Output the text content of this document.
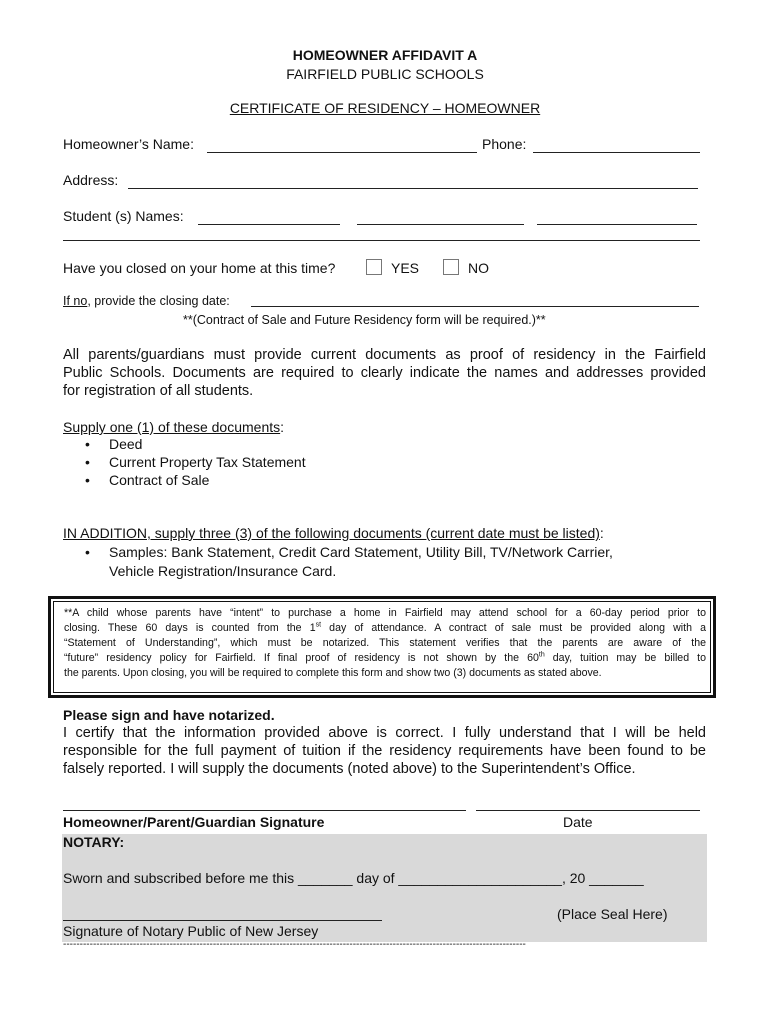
HOMEOWNER AFFIDAVIT A
FAIRFIELD PUBLIC SCHOOLS
CERTIFICATE OF RESIDENCY – HOMEOWNER
Homeowner’s Name:	Phone:
Address:
Student (s) Names:
Have you closed on your home at this time?	YES	NO
If no, provide the closing date:
**(Contract of Sale and Future Residency form will be required.)**
All parents/guardians must provide current documents as proof of residency in the Fairfield
Public Schools. Documents are required to clearly indicate the names and addresses provided
for registration of all students.
Supply one (1) of these documents:
• Deed
• Current Property Tax Statement
• Contract of Sale
IN ADDITION, supply three (3) of the following documents (current date must be listed):
• Samples: Bank Statement, Credit Card Statement, Utility Bill, TV/Network Carrier,
Vehicle Registration/Insurance Card.
**A child whose parents have “intent” to purchase a home in Fairfield may attend school for a 60-day period prior to
closing. These 60 days is counted from the 1st day of attendance. A contract of sale must be provided along with a
“Statement of Understanding”, which must be notarized. This statement verifies that the parents are aware of the
“future” residency policy for Fairfield. If final proof of residency is not shown by the 60th day, tuition may be billed to
the parents. Upon closing, you will be required to complete this form and show two (3) documents as stated above.
Please sign and have notarized.
I certify that the information provided above is correct. I fully understand that I will be held
responsible for the full payment of tuition if the residency requirements have been found to be
falsely reported. I will supply the documents (noted above) to the Superintendent’s Office.
Homeowner/Parent/Guardian Signature	Date
NOTARY:
Sworn and subscribed before me this _______ day of _____________________, 20 _______
(Place Seal Here)
Signature of Notary Public of New Jersey
-------------------------------------------------------------------------------------------------------------------------------------------
